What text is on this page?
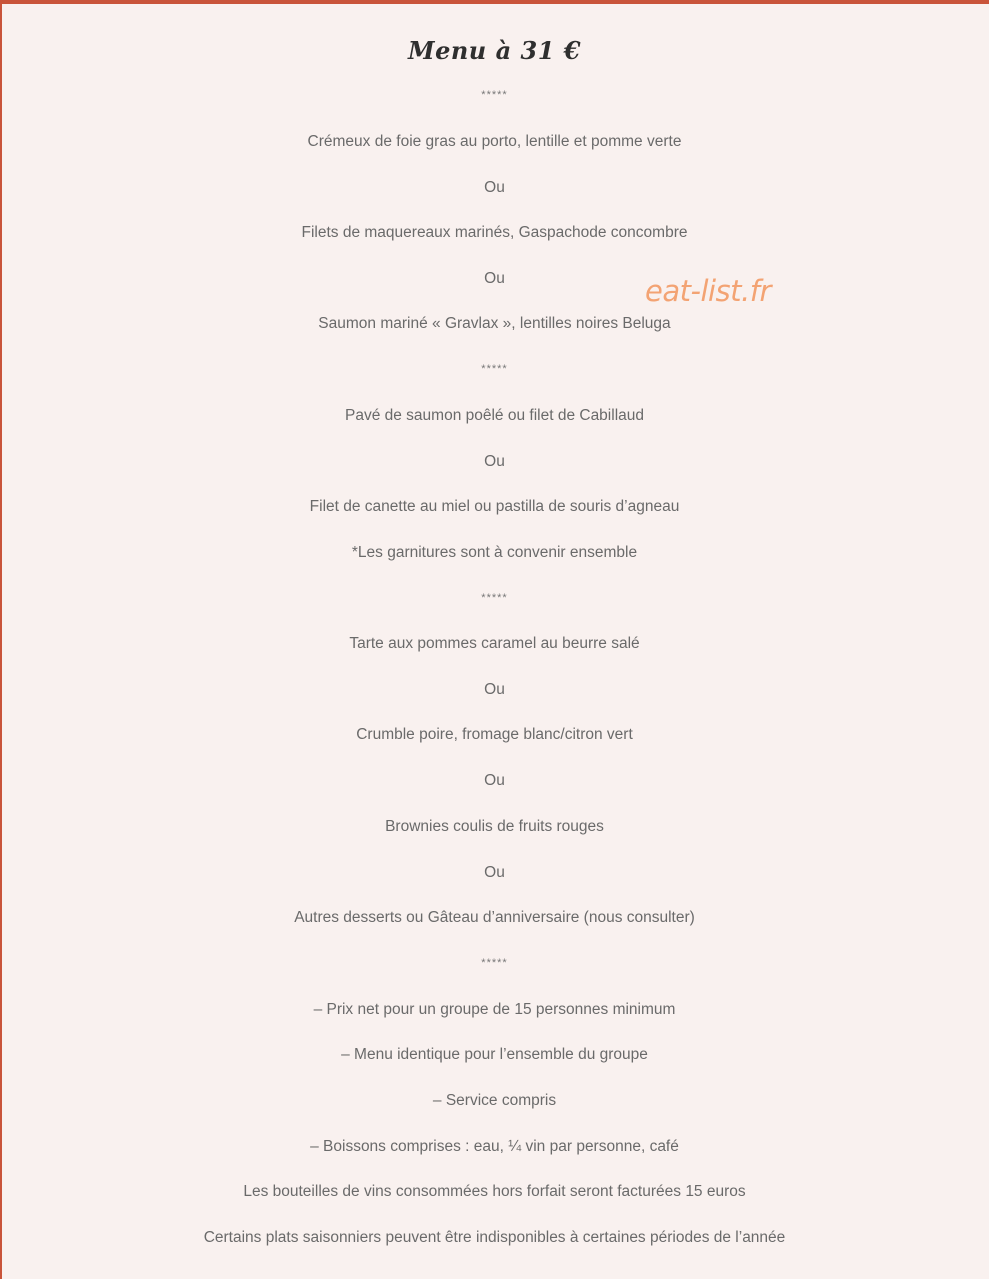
Menu à 31 €
eat-list.fr
*****
Crémeux de foie gras au porto, lentille et pomme verte
Ou
Filets de maquereaux marinés, Gaspachode concombre
Ou
Saumon mariné « Gravlax », lentilles noires Beluga
*****
Pavé de saumon poêlé ou filet de Cabillaud
Ou
Filet de canette au miel ou pastilla de souris d’agneau
*Les garnitures sont à convenir ensemble
*****
Tarte aux pommes caramel au beurre salé
Ou
Crumble poire, fromage blanc/citron vert
Ou
Brownies coulis de fruits rouges
Ou
Autres desserts ou Gâteau d’anniversaire (nous consulter)
*****
– Prix net pour un groupe de 15 personnes minimum
– Menu identique pour l’ensemble du groupe
– Service compris
– Boissons comprises : eau, ¼ vin par personne, café
Les bouteilles de vins consommées hors forfait seront facturées 15 euros
Certains plats saisonniers peuvent être indisponibles à certaines périodes de l’année
